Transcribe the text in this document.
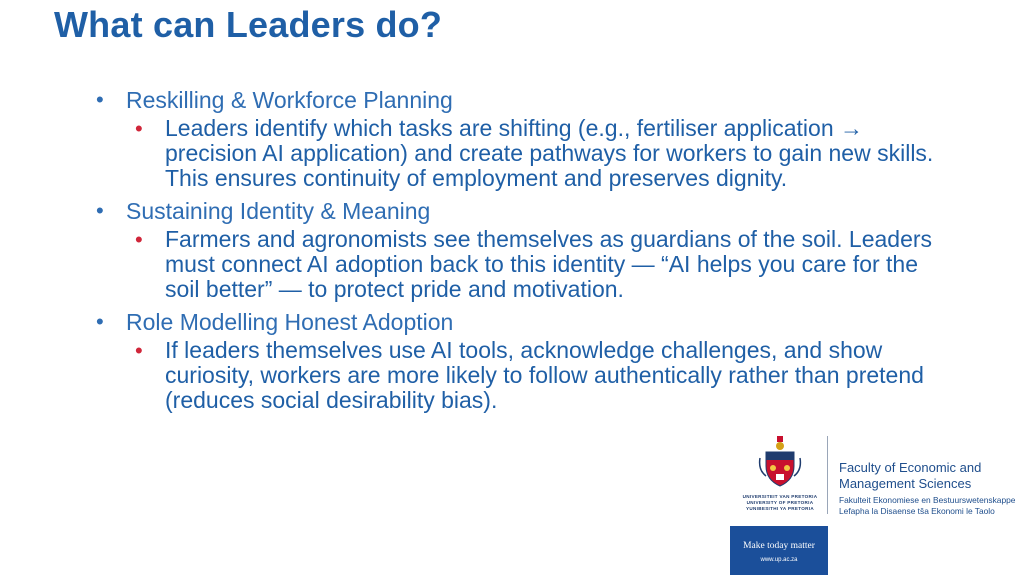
What can Leaders do?
• Reskilling & Workforce Planning
• Leaders identify which tasks are shifting (e.g., fertiliser application → precision AI application) and create pathways for workers to gain new skills. This ensures continuity of employment and preserves dignity.
• Sustaining Identity & Meaning
• Farmers and agronomists see themselves as guardians of the soil. Leaders must connect AI adoption back to this identity — “AI helps you care for the soil better” — to protect pride and motivation.
• Role Modelling Honest Adoption
• If leaders themselves use AI tools, acknowledge challenges, and show curiosity, workers are more likely to follow authentically rather than pretend (reduces social desirability bias).
UNIVERSITEIT VAN PRETORIA
UNIVERSITY OF PRETORIA
YUNIBESITHI YA PRETORIA
Faculty of Economic and Management Sciences
Fakulteit Ekonomiese en Bestuurswetenskappe
Lefapha la Disaense tša Ekonomi le Taolo
Make today matter
www.up.ac.za
